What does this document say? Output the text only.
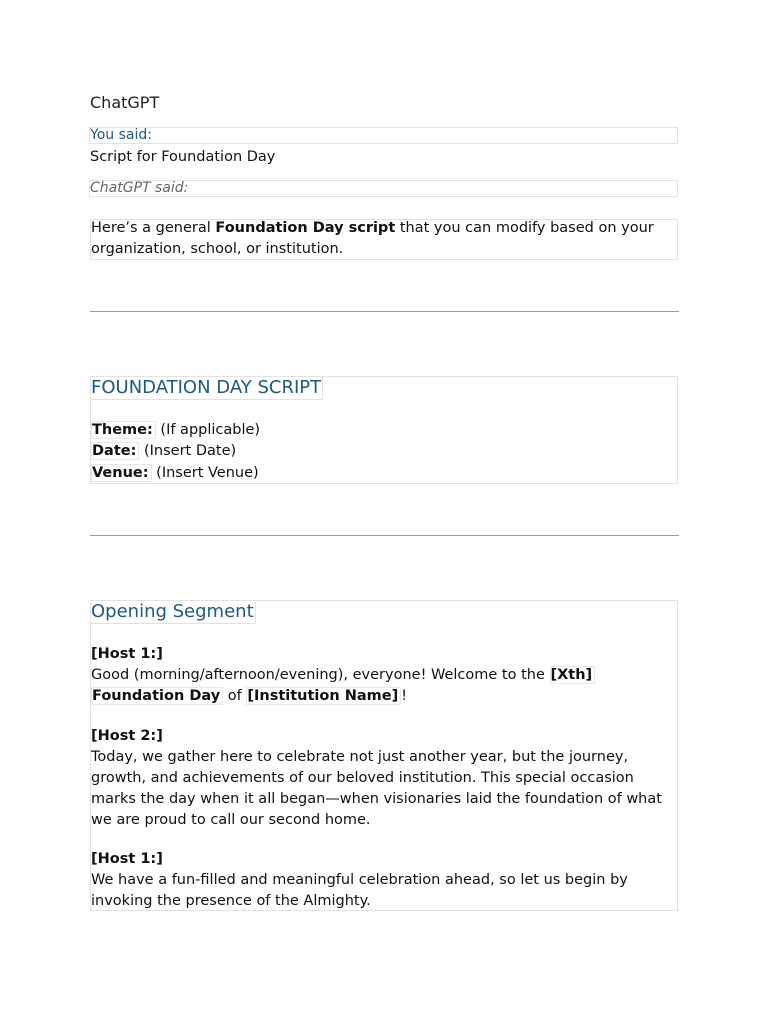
ChatGPT
You said:
Script for Foundation Day
ChatGPT said:

Here’s a general Foundation Day script that you can modify based on your organization, school, or institution.

FOUNDATION DAY SCRIPT
Theme: (If applicable)
Date: (Insert Date)
Venue: (Insert Venue)
Opening Segment
[Host 1:]
Good (morning/afternoon/evening), everyone! Welcome to the [Xth]
Foundation Day of [Institution Name] !
[Host 2:]
Today, we gather here to celebrate not just another year, but the journey, growth, and achievements of our beloved institution. This special occasion marks the day when it all began—when visionaries laid the foundation of what we are proud to call our second home.
[Host 1:]
We have a fun-filled and meaningful celebration ahead, so let us begin by invoking the presence of the Almighty.
